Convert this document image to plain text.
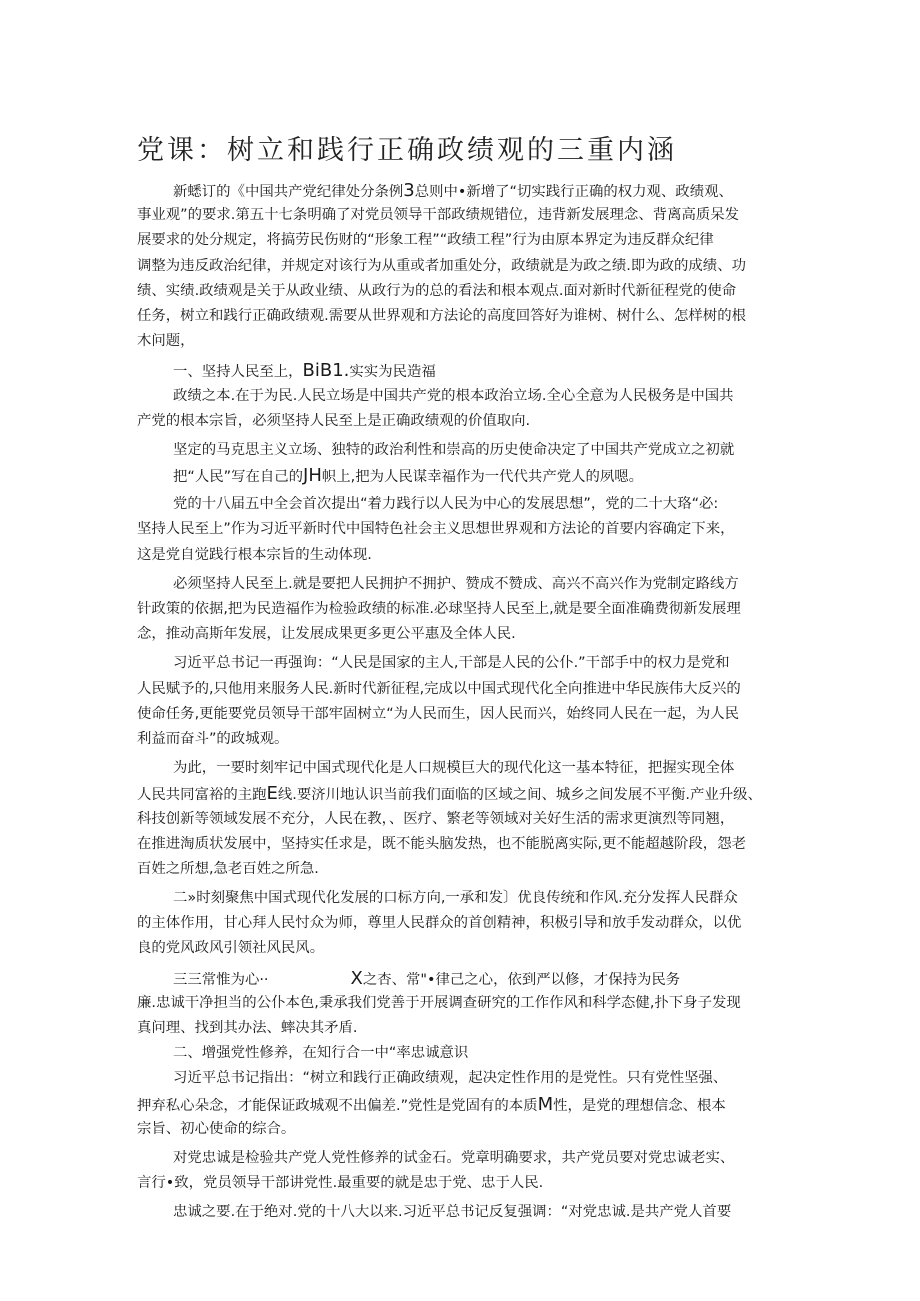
党课：树立和践行正确政绩观的三重内涵
新蟋订的《中国共产党纪律处分条例3总则中•新增了“切实践行正确的权力观、政绩观、
事业观”的要求.第五十七条明确了对党员领导干部政绩规错位，违背新发展理念、背离高质呆发
展要求的处分规定，将搞劳民伤财的“形象工程”“政绩工程”行为由原本界定为违反群众纪律
调整为违反政治纪律，并规定对该行为从重或者加重处分，政绩就是为政之绩.即为政的成绩、功
绩、实绩.政绩观是关于从政业绩、从政行为的总的看法和根本观点.面对新时代新征程党的使命
任务，树立和践行正确政绩观.需要从世界观和方法论的高度回答好为谁树、树什么、怎样树的根
木问题，
一、坚持人民至上，BiB1.实实为民造福
政绩之本.在于为民.人民立场是中国共产党的根本政治立场.全心全意为人民极务是中国共
产党的根本宗旨，必须坚持人民至上是正确政绩观的价值取向.
坚定的马克思主义立场、独特的政治利性和崇高的历史使命决定了中国共产党成立之初就
把“人民”写在自己的JH帜上,把为人民谋幸福作为一代代共产党人的夙嗯。
党的十八届五中全会首次提出“着力践行以人民为中心的发展思想”，党的二十大珞“必:
坚持人民至上”作为习近平新时代中国特色社会主义思想世界观和方法论的首要内容确定下来，
这是党自觉践行根本宗旨的生动体现.
必须坚持人民至上.就是要把人民拥护不拥护、赞成不赞成、高兴不高兴作为党制定路线方
针政策的依据,把为民造福作为检验政绩的标准.必球坚持人民至上,就是要全面准确费彻新发展理
念，推动高斯年发展，让发展成果更多更公平惠及全体人民.
习近平总书记一再强询：“人民是国家的主人,干部是人民的公仆.”干部手中的权力是党和
人民赋予的,只他用来服务人民.新时代新征程,完成以中国式现代化全向推进中华民族伟大反兴的
使命任务,更能要党员领导干部牢固树立“为人民而生，因人民而兴，始终同人民在一起，为人民
利益而奋斗”的政城观。
为此，一要时刻牢记中国式现代化是人口规模巨大的现代化这一基本特征，把握实现全体
人民共同富裕的主跑E线.要济川地认识当前我们面临的区域之间、城乡之间发展不平衡.产业升级、
科技创新等领域发展不充分，人民在教，、医疗、繁老等领域对关好生活的需求更演烈等同翘，
在推进淘质状发展中，坚持实任求是，既不能头脑发热，也不能脱离实际,更不能超越阶段，怨老
百姓之所想,急老百姓之所急.
二»时刻聚焦中国式现代化发展的口标方向,一承和发〕优良传统和作风.充分发挥人民群众
的主体作用，甘心拜人民忖众为师，尊里人民群众的首创精神，积极引导和放手发动群众，以优
良的党风政风引领社风民风。
三三常惟为心··	X之杏、常"•律己之心，依到严以修，才保持为民务
廉.忠诚干净担当的公仆本色,秉承我们党善于开展调查研究的工作作风和科学态健,扑下身子发现
真问理、找到其办法、蟀决其矛盾.
二、增强党性修养，在知行合一中“率忠诚意识
习近平总书记指出：“树立和践行正确政绩观，起决定性作用的是党性。只有党性坚强、
押弃私心朵念，才能保证政城观不出偏差.”党性是党固有的本质M性，是党的理想信念、根本
宗旨、初心使命的综合。
对党忠诚是检验共产党人党性修养的试金石。党章明确要求，共产党员要对党忠诚老实、
言行•致，党员领导干部讲党性.最重要的就是忠于党、忠于人民.
忠诚之要.在于绝对.党的十八大以来.习近平总书记反复强调：“对党忠诚.是共产党人首要
